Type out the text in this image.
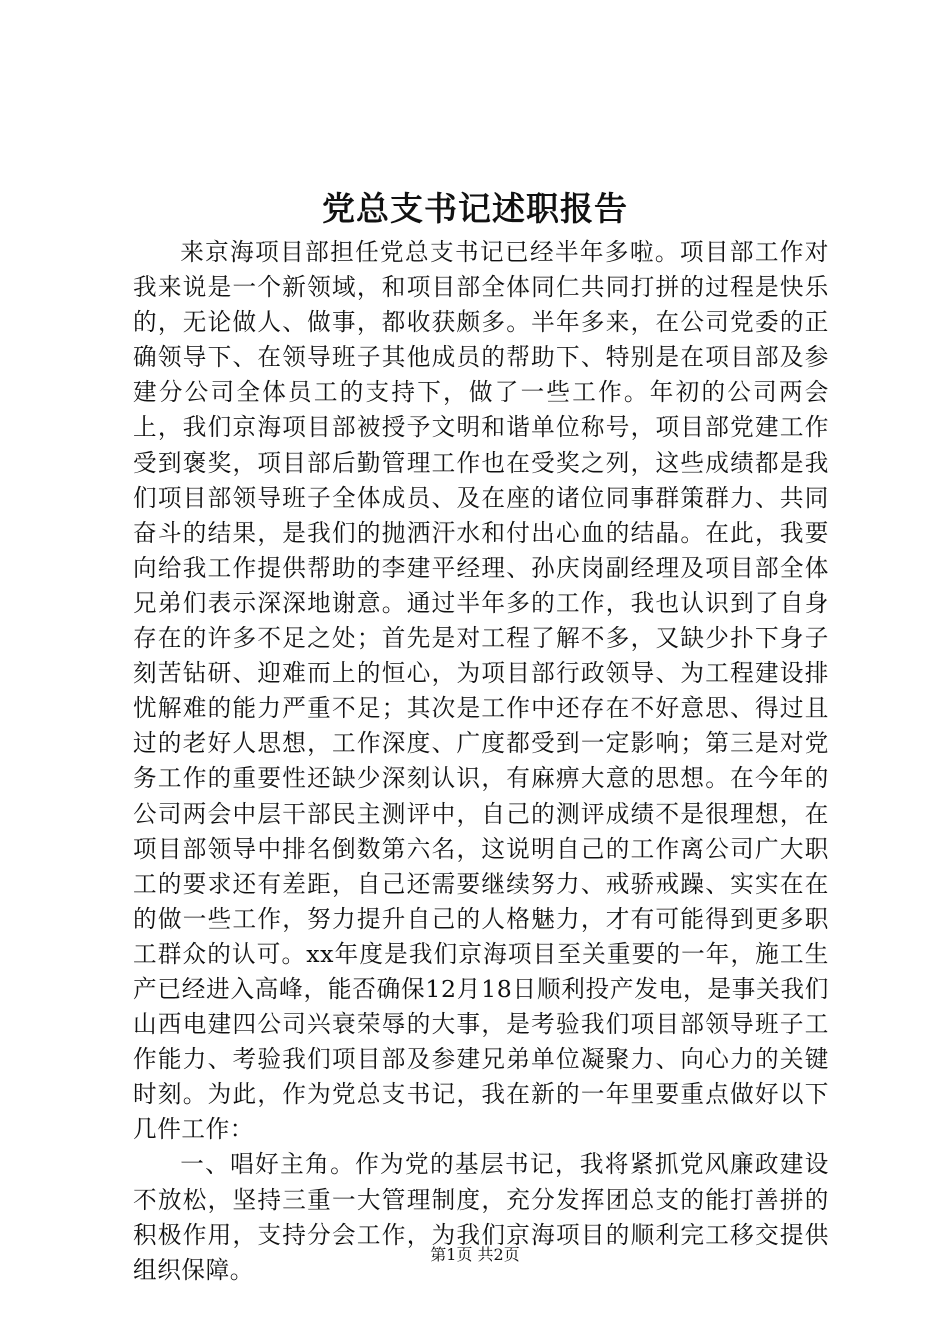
党总支书记述职报告

来京海项目部担任党总支书记已经半年多啦。项目部工作对我来说是一个新领域，和项目部全体同仁共同打拼的过程是快乐的，无论做人、做事，都收获颇多。半年多来，在公司党委的正确领导下、在领导班子其他成员的帮助下、特别是在项目部及参建分公司全体员工的支持下，做了一些工作。年初的公司两会上，我们京海项目部被授予文明和谐单位称号，项目部党建工作受到褒奖，项目部后勤管理工作也在受奖之列，这些成绩都是我们项目部领导班子全体成员、及在座的诸位同事群策群力、共同奋斗的结果，是我们的抛洒汗水和付出心血的结晶。在此，我要向给我工作提供帮助的李建平经理、孙庆岗副经理及项目部全体兄弟们表示深深地谢意。通过半年多的工作，我也认识到了自身存在的许多不足之处；首先是对工程了解不多，又缺少扑下身子刻苦钻研、迎难而上的恒心，为项目部行政领导、为工程建设排忧解难的能力严重不足；其次是工作中还存在不好意思、得过且过的老好人思想，工作深度、广度都受到一定影响；第三是对党务工作的重要性还缺少深刻认识，有麻痹大意的思想。在今年的公司两会中层干部民主测评中，自己的测评成绩不是很理想，在项目部领导中排名倒数第六名，这说明自己的工作离公司广大职工的要求还有差距，自己还需要继续努力、戒骄戒躁、实实在在的做一些工作，努力提升自己的人格魅力，才有可能得到更多职工群众的认可。xx年度是我们京海项目至关重要的一年，施工生产已经进入高峰，能否确保12月18日顺利投产发电，是事关我们山西电建四公司兴衰荣辱的大事，是考验我们项目部领导班子工作能力、考验我们项目部及参建兄弟单位凝聚力、向心力的关键时刻。为此，作为党总支书记，我在新的一年里要重点做好以下几件工作：

一、唱好主角。作为党的基层书记，我将紧抓党风廉政建设不放松，坚持三重一大管理制度，充分发挥团总支的能打善拼的积极作用，支持分会工作，为我们京海项目的顺利完工移交提供组织保障。

第1页 共2页
